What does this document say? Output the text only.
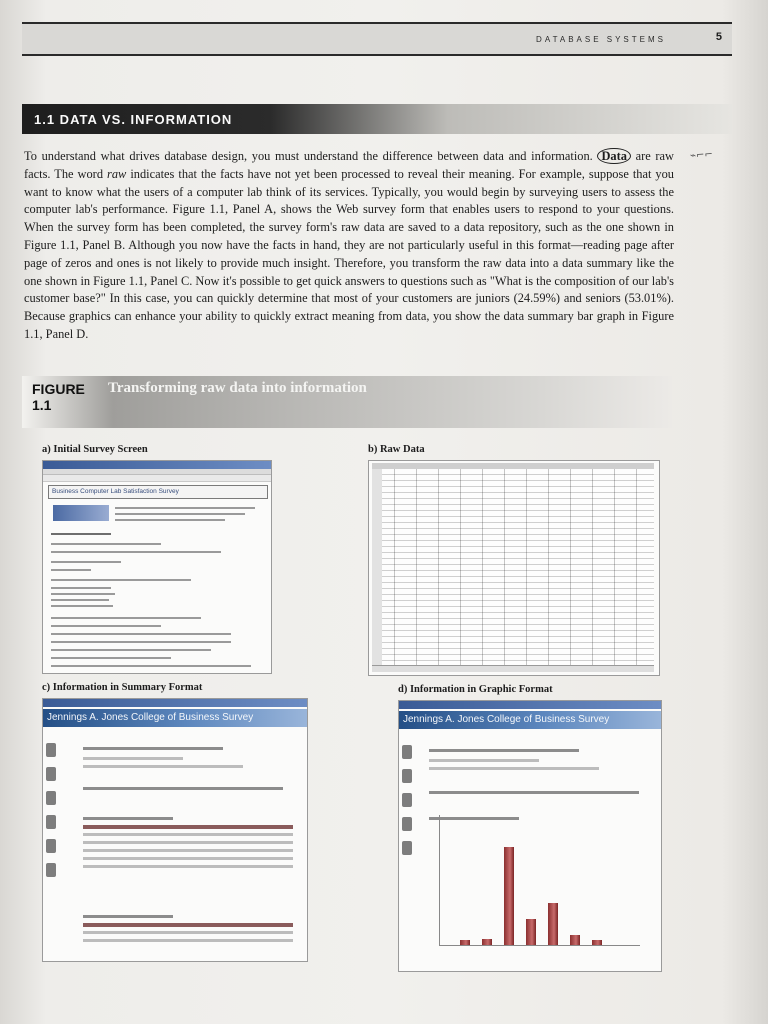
DATABASE SYSTEMS	5
1.1 DATA VS. INFORMATION

To understand what drives database design, you must understand the difference between data and information. Data are raw facts. The word raw indicates that the facts have not yet been processed to reveal their meaning. For example, suppose that you want to know what the users of a computer lab think of its services. Typically, you would begin by surveying users to assess the computer lab's performance. Figure 1.1, Panel A, shows the Web survey form that enables users to respond to your questions. When the survey form has been completed, the survey form's raw data are saved to a data repository, such as the one shown in Figure 1.1, Panel B. Although you now have the facts in hand, they are not particularly useful in this format—reading page after page of zeros and ones is not likely to provide much insight. Therefore, you transform the raw data into a data summary like the one shown in Figure 1.1, Panel C. Now it's possible to get quick answers to questions such as "What is the composition of our lab's customer base?" In this case, you can quickly determine that most of your customers are juniors (24.59%) and seniors (53.01%). Because graphics can enhance your ability to quickly extract meaning from data, you show the data summary bar graph in Figure 1.1, Panel D.

⌁⌐⌐
FIGURE 1.1
Transforming raw data into information
a) Initial Survey Screen	b) Raw Data
c) Information in Summary Format	d) Information in Graphic Format
Business Computer Lab Satisfaction Survey
Jennings A. Jones College of Business Survey	Jennings A. Jones College of Business Survey
